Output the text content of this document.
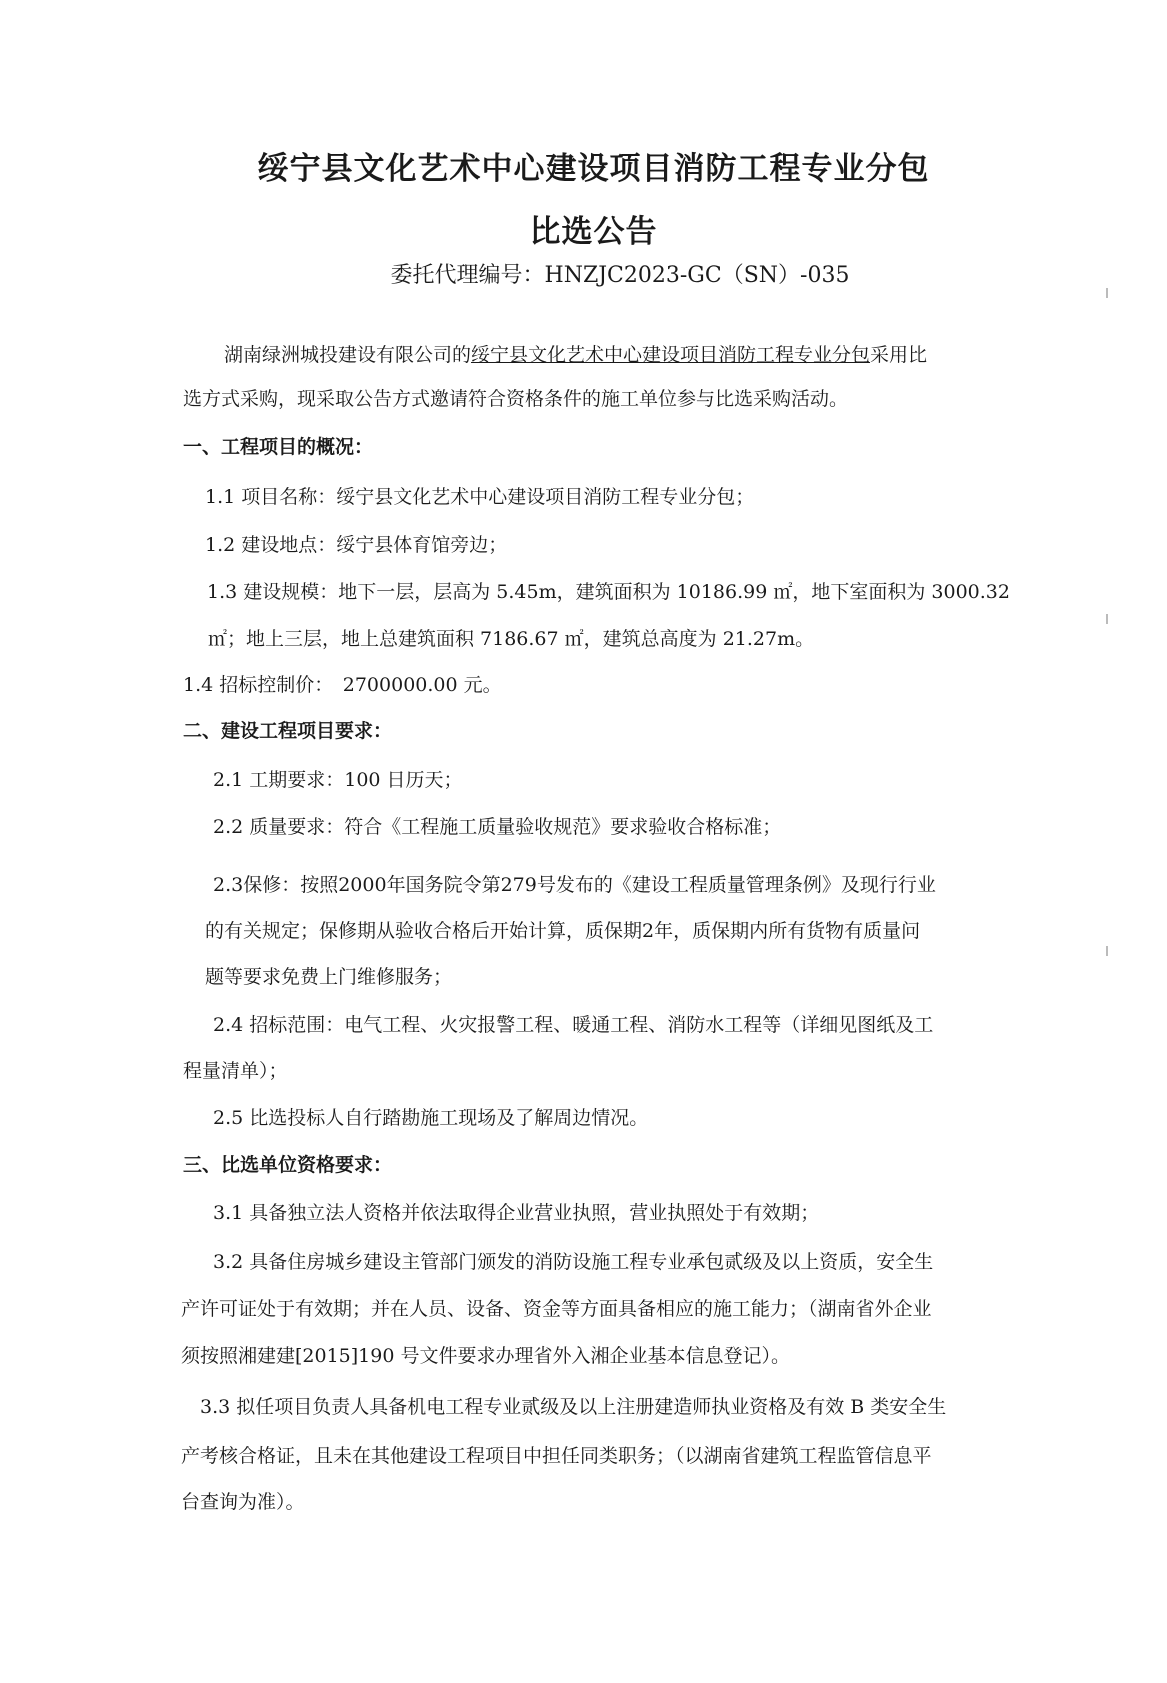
绥宁县文化艺术中心建设项目消防工程专业分包
比选公告

委托代理编号：HNZJC2023-GC（SN）-035

湖南绿洲城投建设有限公司的绥宁县文化艺术中心建设项目消防工程专业分包采用比

选方式采购，现采取公告方式邀请符合资格条件的施工单位参与比选采购活动。

一、工程项目的概况：

1.1 项目名称：绥宁县文化艺术中心建设项目消防工程专业分包；

1.2 建设地点：绥宁县体育馆旁边；

1.3 建设规模：地下一层，层高为 5.45m，建筑面积为 10186.99 ㎡，地下室面积为 3000.32

㎡；地上三层，地上总建筑面积 7186.67 ㎡，建筑总高度为 21.27m。

1.4 招标控制价：　2700000.00 元。

二、建设工程项目要求：

2.1 工期要求：100 日历天；

2.2 质量要求：符合《工程施工质量验收规范》要求验收合格标准；

2.3保修：按照2000年国务院令第279号发布的《建设工程质量管理条例》及现行行业

的有关规定；保修期从验收合格后开始计算，质保期2年，质保期内所有货物有质量问

题等要求免费上门维修服务；

2.4 招标范围：电气工程、火灾报警工程、暖通工程、消防水工程等（详细见图纸及工

程量清单）；

2.5 比选投标人自行踏勘施工现场及了解周边情况。

三、比选单位资格要求：

3.1 具备独立法人资格并依法取得企业营业执照，营业执照处于有效期；

3.2 具备住房城乡建设主管部门颁发的消防设施工程专业承包贰级及以上资质，安全生

产许可证处于有效期；并在人员、设备、资金等方面具备相应的施工能力；（湖南省外企业

须按照湘建建[2015]190 号文件要求办理省外入湘企业基本信息登记）。

3.3 拟任项目负责人具备机电工程专业贰级及以上注册建造师执业资格及有效 B 类安全生

产考核合格证，且未在其他建设工程项目中担任同类职务；（以湖南省建筑工程监管信息平

台查询为准）。
